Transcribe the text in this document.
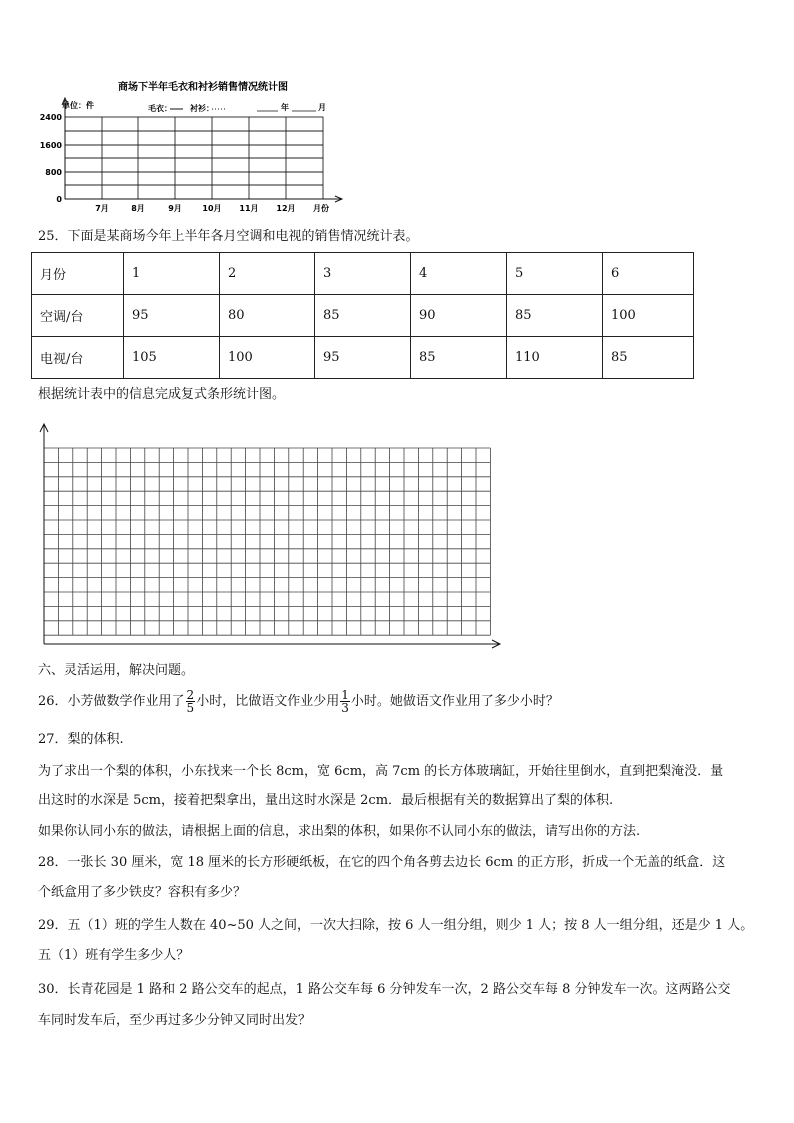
商场下半年毛衣和衬衫销售情况统计图
单位：件	毛衣： 衬衫：	年	月
2400
1600
800
0
7月	8月	9月	10月 11月 12月 月份
25．下面是某商场今年上半年各月空调和电视的销售情况统计表。
月份	1	2	3	4	5	6
空调/台	95	80	85	90	85	100
电视/台	105	100	95	85	110	85
根据统计表中的信息完成复式条形统计图。
六、灵活运用，解决问题。
26．小芳做数学作业用了 $\frac{2}{5}$ 小时，比做语文作业少用 $\frac{1}{3}$ 小时。她做语文作业用了多少小时？
27．梨的体积.
为了求出一个梨的体积，小东找来一个长 8cm，宽 6cm，高 7cm 的长方体玻璃缸，开始往里倒水，直到把梨淹没．量
出这时的水深是 5cm，接着把梨拿出，量出这时水深是 2cm．最后根据有关的数据算出了梨的体积.
如果你认同小东的做法，请根据上面的信息，求出梨的体积，如果你不认同小东的做法，请写出你的方法.
28．一张长 30 厘米，宽 18 厘米的长方形硬纸板，在它的四个角各剪去边长 6cm 的正方形，折成一个无盖的纸盒．这
个纸盒用了多少铁皮？容积有多少？
29．五（1）班的学生人数在 40~50 人之间，一次大扫除，按 6 人一组分组，则少 1 人；按 8 人一组分组，还是少 1 人。
五（1）班有学生多少人？
30．长青花园是 1 路和 2 路公交车的起点，1 路公交车每 6 分钟发车一次，2 路公交车每 8 分钟发车一次。这两路公交
车同时发车后，至少再过多少分钟又同时出发？
